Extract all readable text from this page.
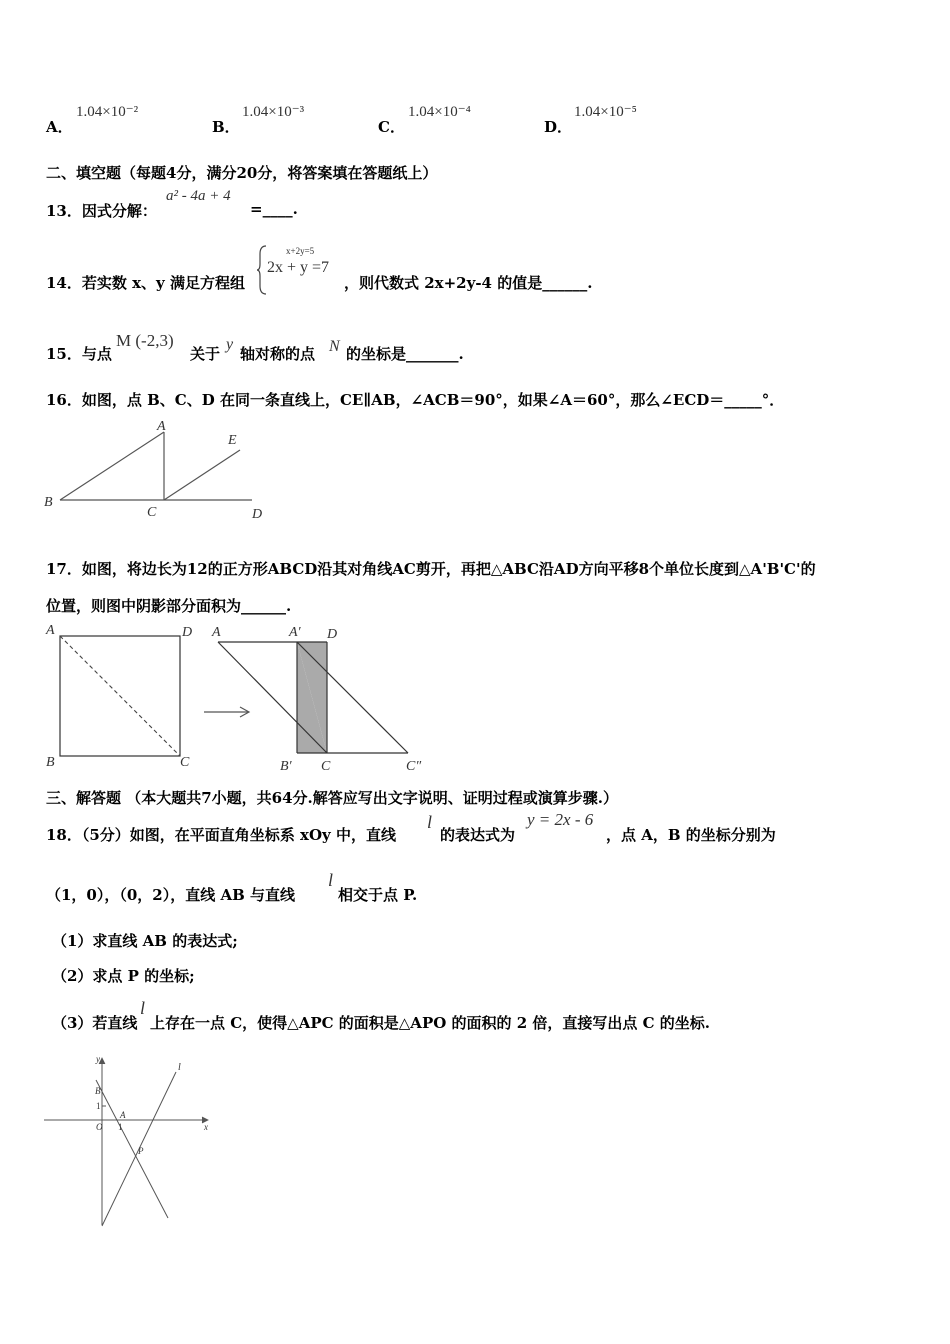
A．
1.04×10⁻²
B．
1.04×10⁻³
C．
1.04×10⁻⁴
D．
1.04×10⁻⁵
二、填空题（每题4分，满分20分，将答案填在答题纸上）
13．因式分解：
a² - 4a + 4
=____.
14．若实数 x、y 满足方程组
x+2y=5
2x + y =7
，则代数式 2x+2y-4 的值是______.
15．与点
M (-2,3)
关于
y
轴对称的点 N 的坐标是_______.
16．如图，点 B、C、D 在同一条直线上，CE∥AB，∠ACB＝90°，如果∠A＝60°，那么∠ECD＝_____°．
A
B
C	D
E
17．如图，将边长为12的正方形ABCD沿其对角线AC剪开，再把△ABC沿AD方向平移8个单位长度到△A'B'C'的
位置，则图中阴影部分面积为______.
A	D
B	C
A	A′ D
B′ C	C″
三、解答题 （本大题共7小题，共64分.解答应写出文字说明、证明过程或演算步骤.）
18．（5分）如图，在平面直角坐标系 xOy 中，直线
l
的表达式为
y = 2x - 6
，点 A，B 的坐标分别为
（1，0），（0，2），直线 AB 与直线
l
相交于点 P.
（1）求直线 AB 的表达式;
（2）求点 P 的坐标;
（3）若直线
l
上存在一点 C，使得△APC 的面积是△APO 的面积的 2 倍，直接写出点 C 的坐标.
y
x
B
A
O
1
1
P
l
